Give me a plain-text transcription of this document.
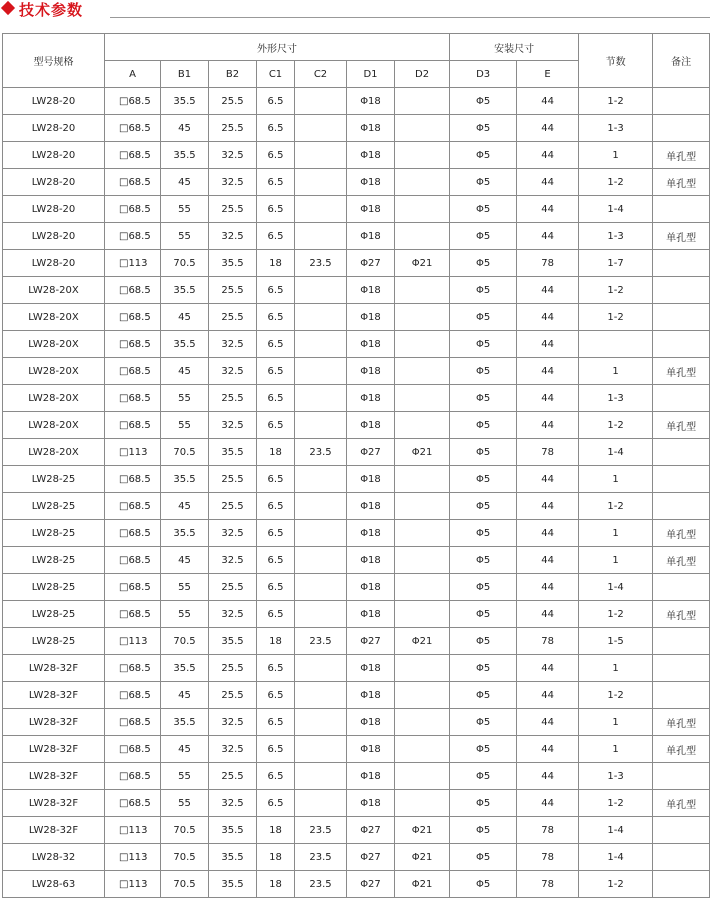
技术参数
型号规格	外形尺寸							安装尺寸		节数	备注
	A	B1	B2	C1	C2	D1	D2	D3	E		
LW28-20	□68.5	35.5	25.5	6.5		Φ18		Φ5	44	1-2	
LW28-20	□68.5	45	25.5	6.5		Φ18		Φ5	44	1-3	
LW28-20	□68.5	35.5	32.5	6.5		Φ18		Φ5	44	1	单孔型
LW28-20	□68.5	45	32.5	6.5		Φ18		Φ5	44	1-2	单孔型
LW28-20	□68.5	55	25.5	6.5		Φ18		Φ5	44	1-4	
LW28-20	□68.5	55	32.5	6.5		Φ18		Φ5	44	1-3	单孔型
LW28-20	□113	70.5	35.5	18	23.5	Φ27	Φ21	Φ5	78	1-7	
LW28-20X	□68.5	35.5	25.5	6.5		Φ18		Φ5	44	1-2	
LW28-20X	□68.5	45	25.5	6.5		Φ18		Φ5	44	1-2	
LW28-20X	□68.5	35.5	32.5	6.5		Φ18		Φ5	44		
LW28-20X	□68.5	45	32.5	6.5		Φ18		Φ5	44	1	单孔型
LW28-20X	□68.5	55	25.5	6.5		Φ18		Φ5	44	1-3	
LW28-20X	□68.5	55	32.5	6.5		Φ18		Φ5	44	1-2	单孔型
LW28-20X	□113	70.5	35.5	18	23.5	Φ27	Φ21	Φ5	78	1-4	
LW28-25	□68.5	35.5	25.5	6.5		Φ18		Φ5	44	1	
LW28-25	□68.5	45	25.5	6.5		Φ18		Φ5	44	1-2	
LW28-25	□68.5	35.5	32.5	6.5		Φ18		Φ5	44	1	单孔型
LW28-25	□68.5	45	32.5	6.5		Φ18		Φ5	44	1	单孔型
LW28-25	□68.5	55	25.5	6.5		Φ18		Φ5	44	1-4	
LW28-25	□68.5	55	32.5	6.5		Φ18		Φ5	44	1-2	单孔型
LW28-25	□113	70.5	35.5	18	23.5	Φ27	Φ21	Φ5	78	1-5	
LW28-32F	□68.5	35.5	25.5	6.5		Φ18		Φ5	44	1	
LW28-32F	□68.5	45	25.5	6.5		Φ18		Φ5	44	1-2	
LW28-32F	□68.5	35.5	32.5	6.5		Φ18		Φ5	44	1	单孔型
LW28-32F	□68.5	45	32.5	6.5		Φ18		Φ5	44	1	单孔型
LW28-32F	□68.5	55	25.5	6.5		Φ18		Φ5	44	1-3	
LW28-32F	□68.5	55	32.5	6.5		Φ18		Φ5	44	1-2	单孔型
LW28-32F	□113	70.5	35.5	18	23.5	Φ27	Φ21	Φ5	78	1-4	
LW28-32	□113	70.5	35.5	18	23.5	Φ27	Φ21	Φ5	78	1-4	
LW28-63	□113	70.5	35.5	18	23.5	Φ27	Φ21	Φ5	78	1-2	
